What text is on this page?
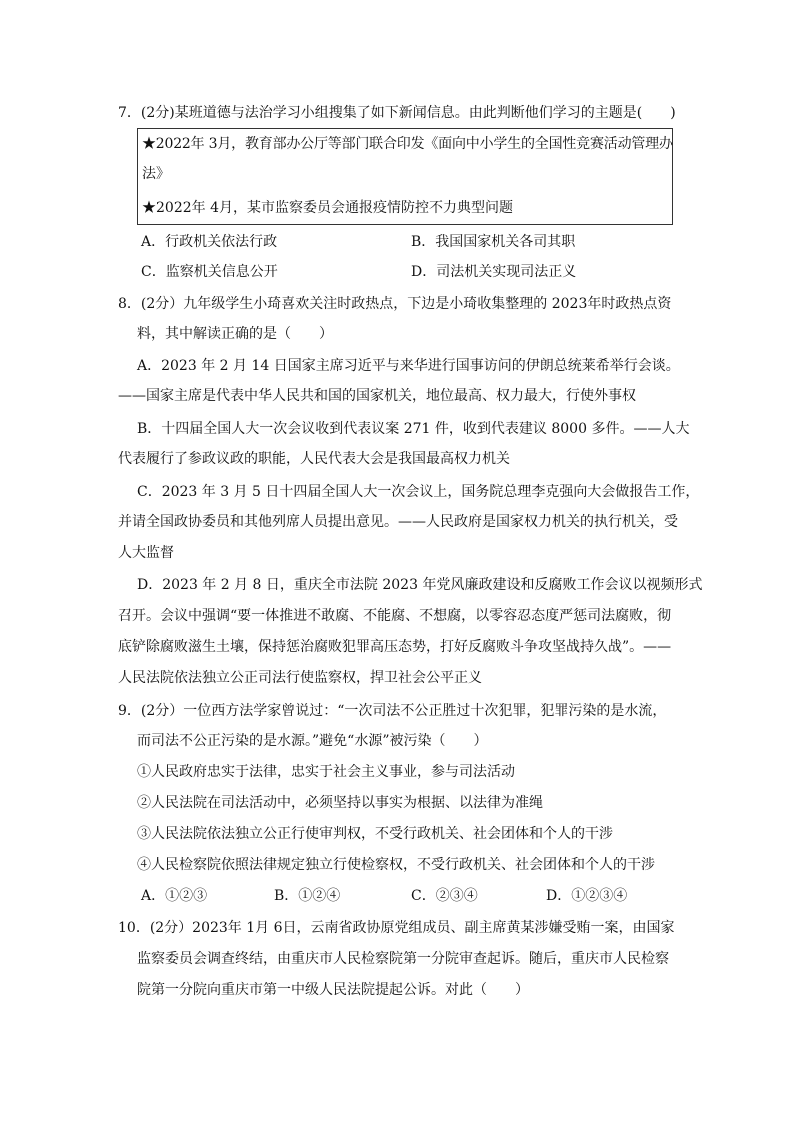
7．(2分)某班道德与法治学习小组搜集了如下新闻信息。由此判断他们学习的主题是(　　)
★2022年 3月，教育部办公厅等部门联合印发《面向中小学生的全国性竞赛活动管理办
法》
★2022年 4月，某市监察委员会通报疫情防控不力典型问题
A．行政机关依法行政	B．我国国家机关各司其职
C．监察机关信息公开	D．司法机关实现司法正义
8．(2分）九年级学生小琦喜欢关注时政热点，下边是小琦收集整理的 2023年时政热点资
料，其中解读正确的是（　　）
A．2023 年 2 月 14 日国家主席习近平与来华进行国事访问的伊朗总统莱希举行会谈。
——国家主席是代表中华人民共和国的国家机关，地位最高、权力最大，行使外事权
B．十四届全国人大一次会议收到代表议案 271 件，收到代表建议 8000 多件。——人大
代表履行了参政议政的职能，人民代表大会是我国最高权力机关
C．2023 年 3 月 5 日十四届全国人大一次会议上，国务院总理李克强向大会做报告工作，
并请全国政协委员和其他列席人员提出意见。——人民政府是国家权力机关的执行机关，受
人大监督
D．2023 年 2 月 8 日，重庆全市法院 2023 年党风廉政建设和反腐败工作会议以视频形式
召开。会议中强调“要一体推进不敢腐、不能腐、不想腐，以零容忍态度严惩司法腐败，彻
底铲除腐败滋生土壤，保持惩治腐败犯罪高压态势，打好反腐败斗争攻坚战持久战”。——
人民法院依法独立公正司法行使监察权，捍卫社会公平正义
9．(2分）一位西方法学家曾说过：“一次司法不公正胜过十次犯罪，犯罪污染的是水流，
而司法不公正污染的是水源。”避免“水源”被污染（　　）
①人民政府忠实于法律，忠实于社会主义事业，参与司法活动
②人民法院在司法活动中，必须坚持以事实为根据、以法律为准绳
③人民法院依法独立公正行使审判权，不受行政机关、社会团体和个人的干涉
④人民检察院依照法律规定独立行使检察权，不受行政机关、社会团体和个人的干涉
A．①②③	B．①②④	C．②③④	D．①②③④
10．(2分）2023年 1月 6日，云南省政协原党组成员、副主席黄某涉嫌受贿一案，由国家
监察委员会调查终结，由重庆市人民检察院第一分院审查起诉。随后，重庆市人民检察
院第一分院向重庆市第一中级人民法院提起公诉。对此（　　）
